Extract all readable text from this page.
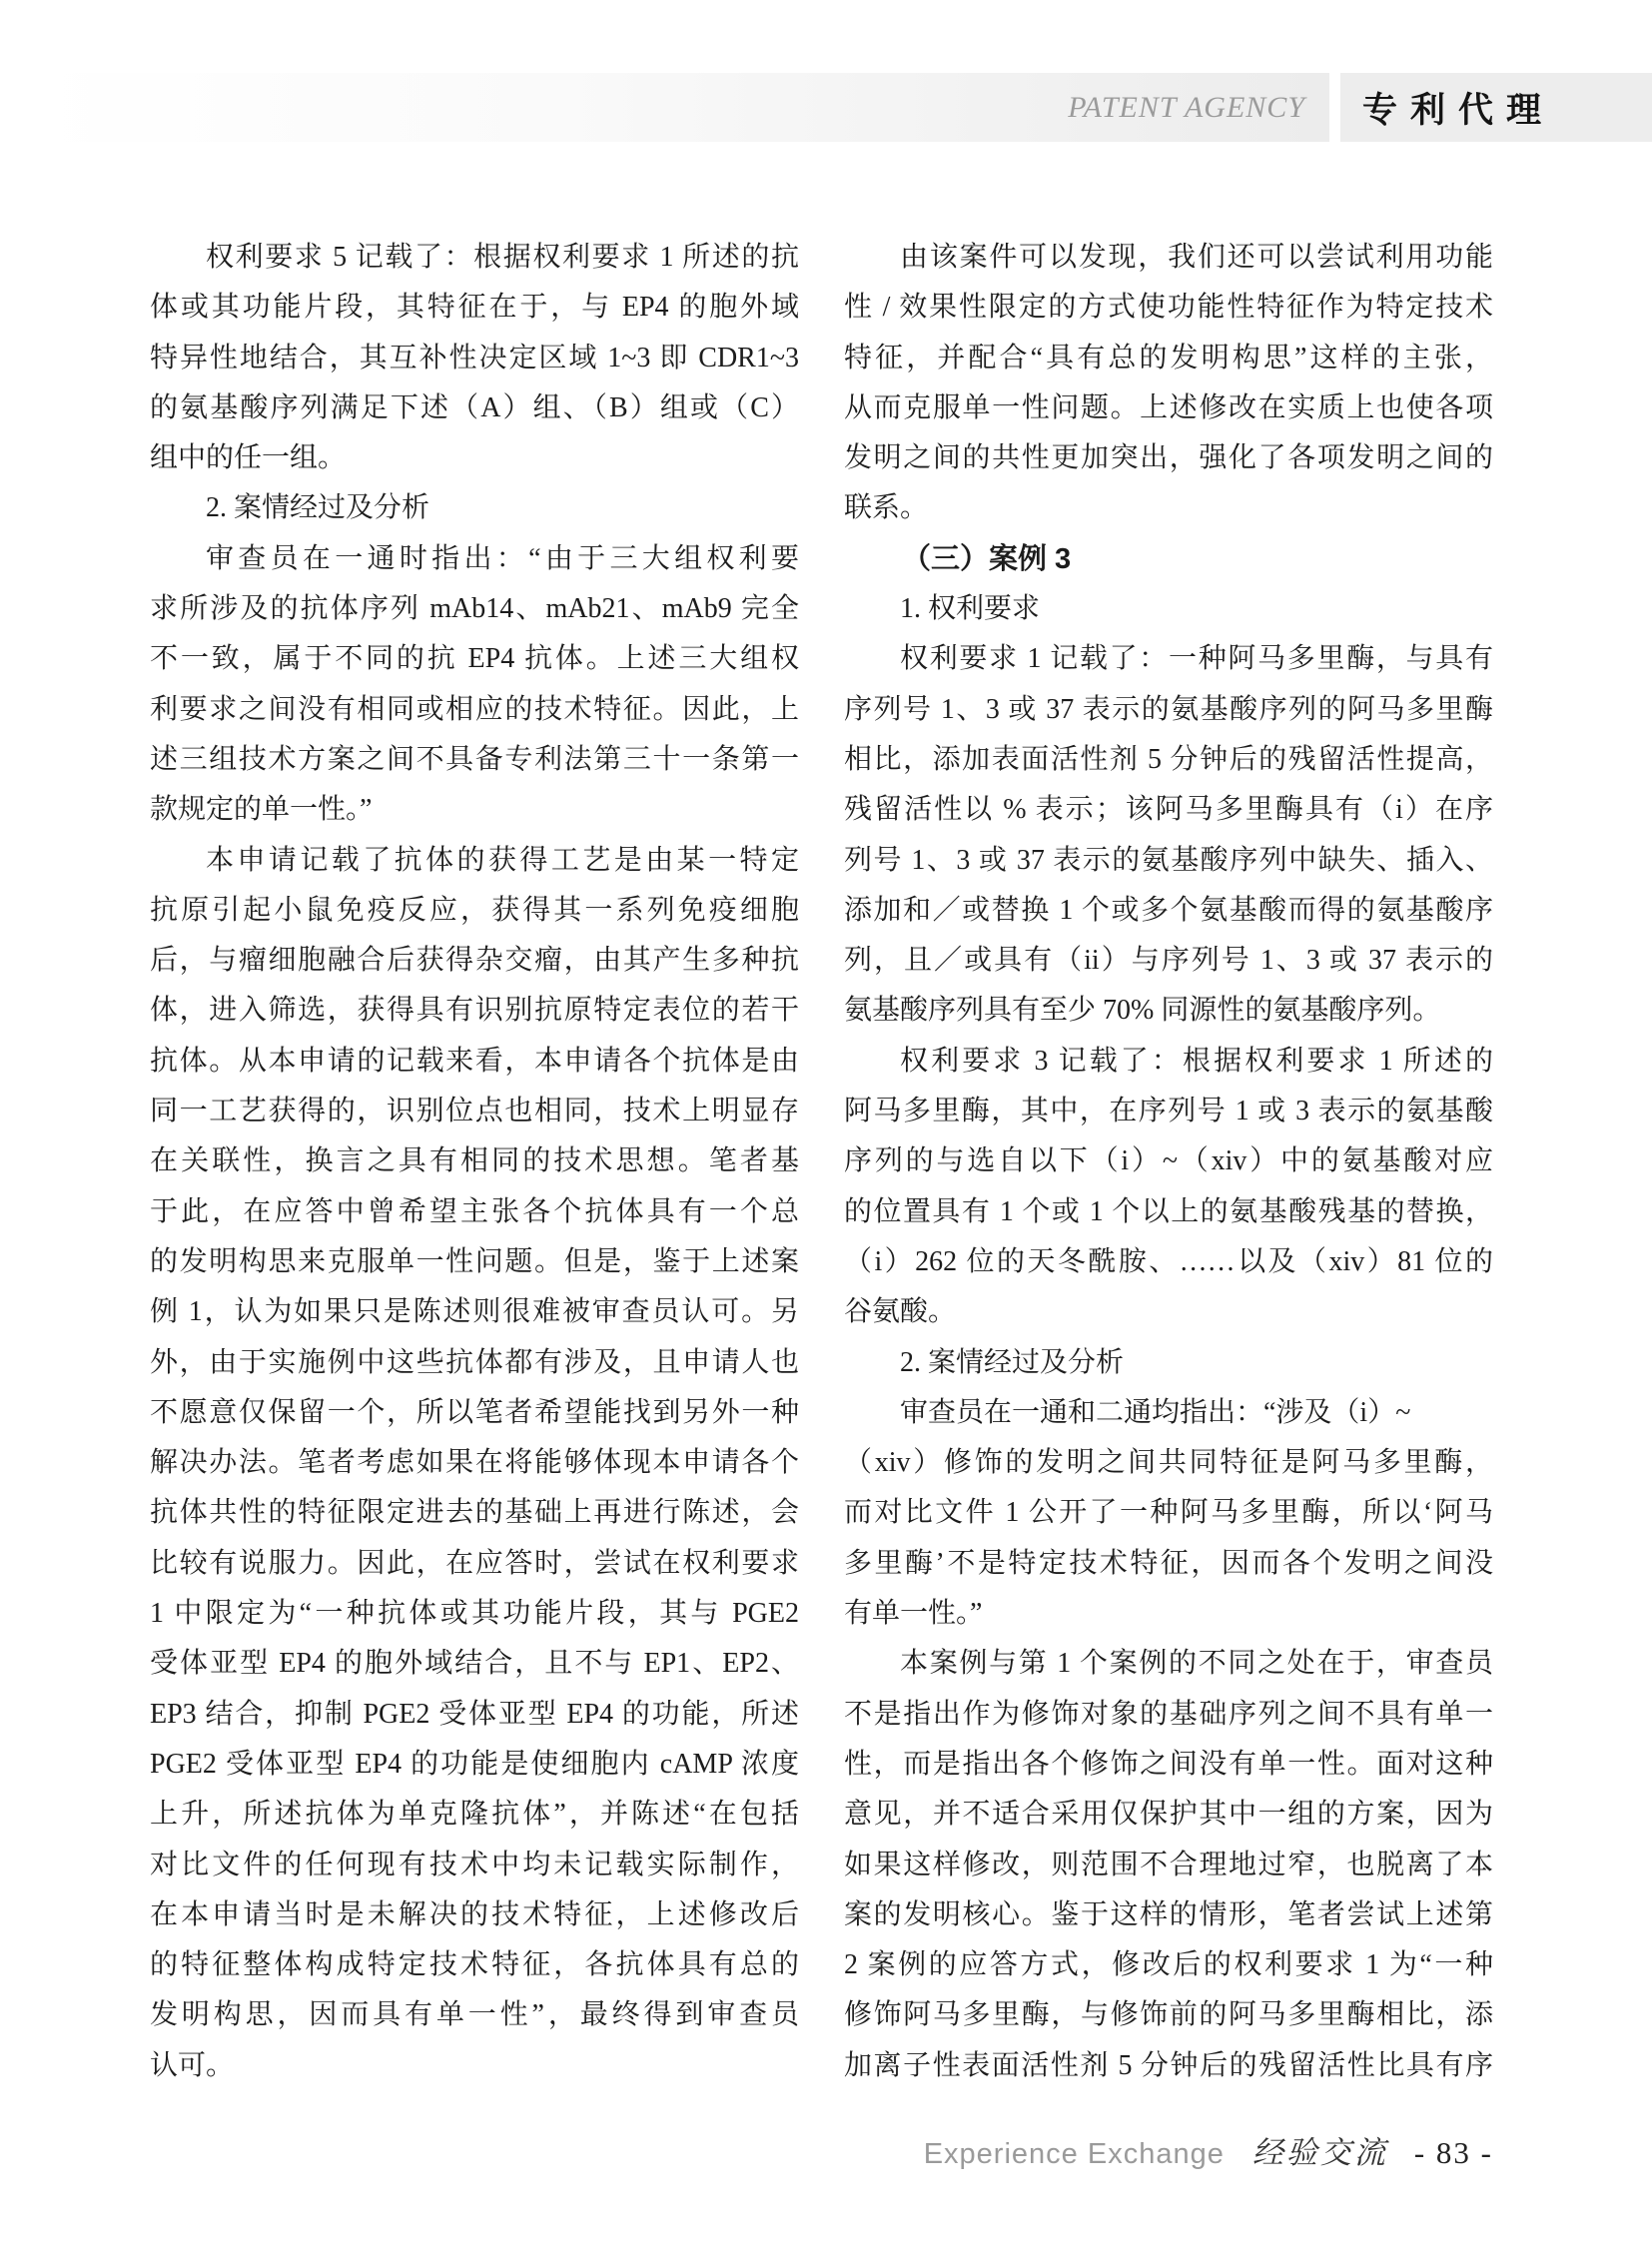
PATENT AGENCY 专利代理
权利要求 5 记载了：根据权利要求 1 所述的抗
体或其功能片段，其特征在于，与 EP4 的胞外域
特异性地结合，其互补性决定区域 1~3 即 CDR1~3
的氨基酸序列满足下述（A）组、（B）组或（C）
组中的任一组。
2. 案情经过及分析
审查员在一通时指出：“由于三大组权利要
求所涉及的抗体序列 mAb14、mAb21、mAb9 完全
不一致，属于不同的抗 EP4 抗体。上述三大组权
利要求之间没有相同或相应的技术特征。因此，上
述三组技术方案之间不具备专利法第三十一条第一
款规定的单一性。”
本申请记载了抗体的获得工艺是由某一特定
抗原引起小鼠免疫反应，获得其一系列免疫细胞
后，与瘤细胞融合后获得杂交瘤，由其产生多种抗
体，进入筛选，获得具有识别抗原特定表位的若干
抗体。从本申请的记载来看，本申请各个抗体是由
同一工艺获得的，识别位点也相同，技术上明显存
在关联性，换言之具有相同的技术思想。笔者基
于此，在应答中曾希望主张各个抗体具有一个总
的发明构思来克服单一性问题。但是，鉴于上述案
例 1，认为如果只是陈述则很难被审查员认可。另
外，由于实施例中这些抗体都有涉及，且申请人也
不愿意仅保留一个，所以笔者希望能找到另外一种
解决办法。笔者考虑如果在将能够体现本申请各个
抗体共性的特征限定进去的基础上再进行陈述，会
比较有说服力。因此，在应答时，尝试在权利要求
1 中限定为“一种抗体或其功能片段，其与 PGE2
受体亚型 EP4 的胞外域结合，且不与 EP1、EP2、
EP3 结合，抑制 PGE2 受体亚型 EP4 的功能，所述
PGE2 受体亚型 EP4 的功能是使细胞内 cAMP 浓度
上升，所述抗体为单克隆抗体”，并陈述“在包括
对比文件的任何现有技术中均未记载实际制作，
在本申请当时是未解决的技术特征，上述修改后
的特征整体构成特定技术特征，各抗体具有总的
发明构思，因而具有单一性”，最终得到审查员
认可。
由该案件可以发现，我们还可以尝试利用功能
性 / 效果性限定的方式使功能性特征作为特定技术
特征，并配合“具有总的发明构思”这样的主张，
从而克服单一性问题。上述修改在实质上也使各项
发明之间的共性更加突出，强化了各项发明之间的
联系。
（三）案例 3
1. 权利要求
权利要求 1 记载了：一种阿马多里酶，与具有
序列号 1、3 或 37 表示的氨基酸序列的阿马多里酶
相比，添加表面活性剂 5 分钟后的残留活性提高，
残留活性以 % 表示；该阿马多里酶具有（i）在序
列号 1、3 或 37 表示的氨基酸序列中缺失、插入、
添加和／或替换 1 个或多个氨基酸而得的氨基酸序
列，且／或具有（ii）与序列号 1、3 或 37 表示的
氨基酸序列具有至少 70% 同源性的氨基酸序列。
权利要求 3 记载了：根据权利要求 1 所述的
阿马多里酶，其中，在序列号 1 或 3 表示的氨基酸
序列的与选自以下（i）~（xiv）中的氨基酸对应
的位置具有 1 个或 1 个以上的氨基酸残基的替换，
（i）262 位的天冬酰胺、……以及（xiv）81 位的
谷氨酸。
2. 案情经过及分析
审查员在一通和二通均指出：“涉及（i）~
（xiv）修饰的发明之间共同特征是阿马多里酶，
而对比文件 1 公开了一种阿马多里酶，所以‘阿马
多里酶’不是特定技术特征，因而各个发明之间没
有单一性。”
本案例与第 1 个案例的不同之处在于，审查员
不是指出作为修饰对象的基础序列之间不具有单一
性，而是指出各个修饰之间没有单一性。面对这种
意见，并不适合采用仅保护其中一组的方案，因为
如果这样修改，则范围不合理地过窄，也脱离了本
案的发明核心。鉴于这样的情形，笔者尝试上述第
2 案例的应答方式，修改后的权利要求 1 为“一种
修饰阿马多里酶，与修饰前的阿马多里酶相比，添
加离子性表面活性剂 5 分钟后的残留活性比具有序
Experience Exchange 经验交流 - 83 -
